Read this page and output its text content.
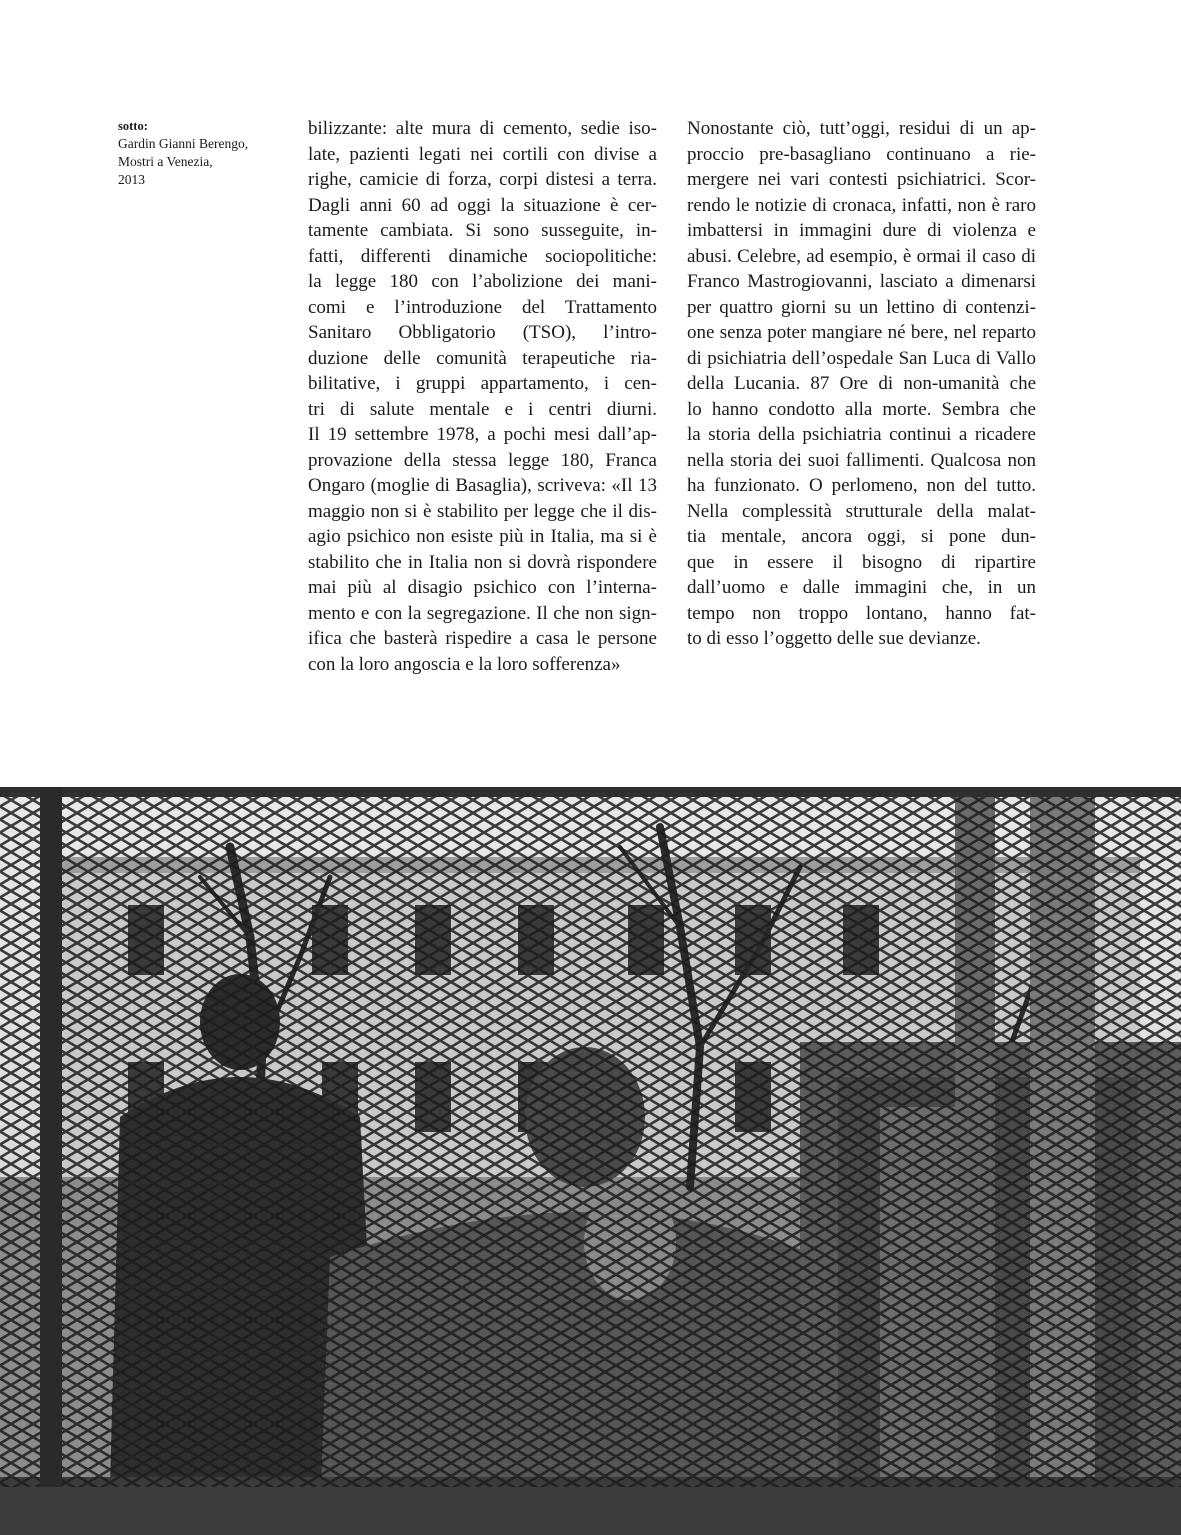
sotto:
Gardin Gianni Berengo,
Mostri a Venezia,
2013
bilizzante: alte mura di cemento, sedie iso-
late, pazienti legati nei cortili con divise a
righe, camicie di forza, corpi distesi a terra.
Dagli anni 60 ad oggi la situazione è cer-
tamente cambiata. Si sono susseguite, in-
fatti, differenti dinamiche sociopolitiche:
la legge 180 con l’abolizione dei mani-
comi e l’introduzione del Trattamento
Sanitaro Obbligatorio (TSO), l’intro-
duzione delle comunità terapeutiche ria-
bilitative, i gruppi appartamento, i cen-
tri di salute mentale e i centri diurni.
Il 19 settembre 1978, a pochi mesi dall’ap-
provazione della stessa legge 180, Franca
Ongaro (moglie di Basaglia), scriveva: «Il 13
maggio non si è stabilito per legge che il dis-
agio psichico non esiste più in Italia, ma si è
stabilito che in Italia non si dovrà rispondere
mai più al disagio psichico con l’interna-
mento e con la segregazione. Il che non sign-
ifica che basterà rispedire a casa le persone
con la loro angoscia e la loro sofferenza»
Nonostante ciò, tutt’oggi, residui di un ap-
proccio pre-basagliano continuano a rie-
mergere nei vari contesti psichiatrici. Scor-
rendo le notizie di cronaca, infatti, non è raro
imbattersi in immagini dure di violenza e
abusi. Celebre, ad esempio, è ormai il caso di
Franco Mastrogiovanni, lasciato a dimenarsi
per quattro giorni su un lettino di contenzi-
one senza poter mangiare né bere, nel reparto
di psichiatria dell’ospedale San Luca di Vallo
della Lucania. 87 Ore di non-umanità che
lo hanno condotto alla morte. Sembra che
la storia della psichiatria continui a ricadere
nella storia dei suoi fallimenti. Qualcosa non
ha funzionato. O perlomeno, non del tutto.
Nella complessità strutturale della malat-
tia mentale, ancora oggi, si pone dun-
que in essere il bisogno di ripartire
dall’uomo e dalle immagini che, in un
tempo non troppo lontano, hanno fat-
to di esso l’oggetto delle sue devianze.
